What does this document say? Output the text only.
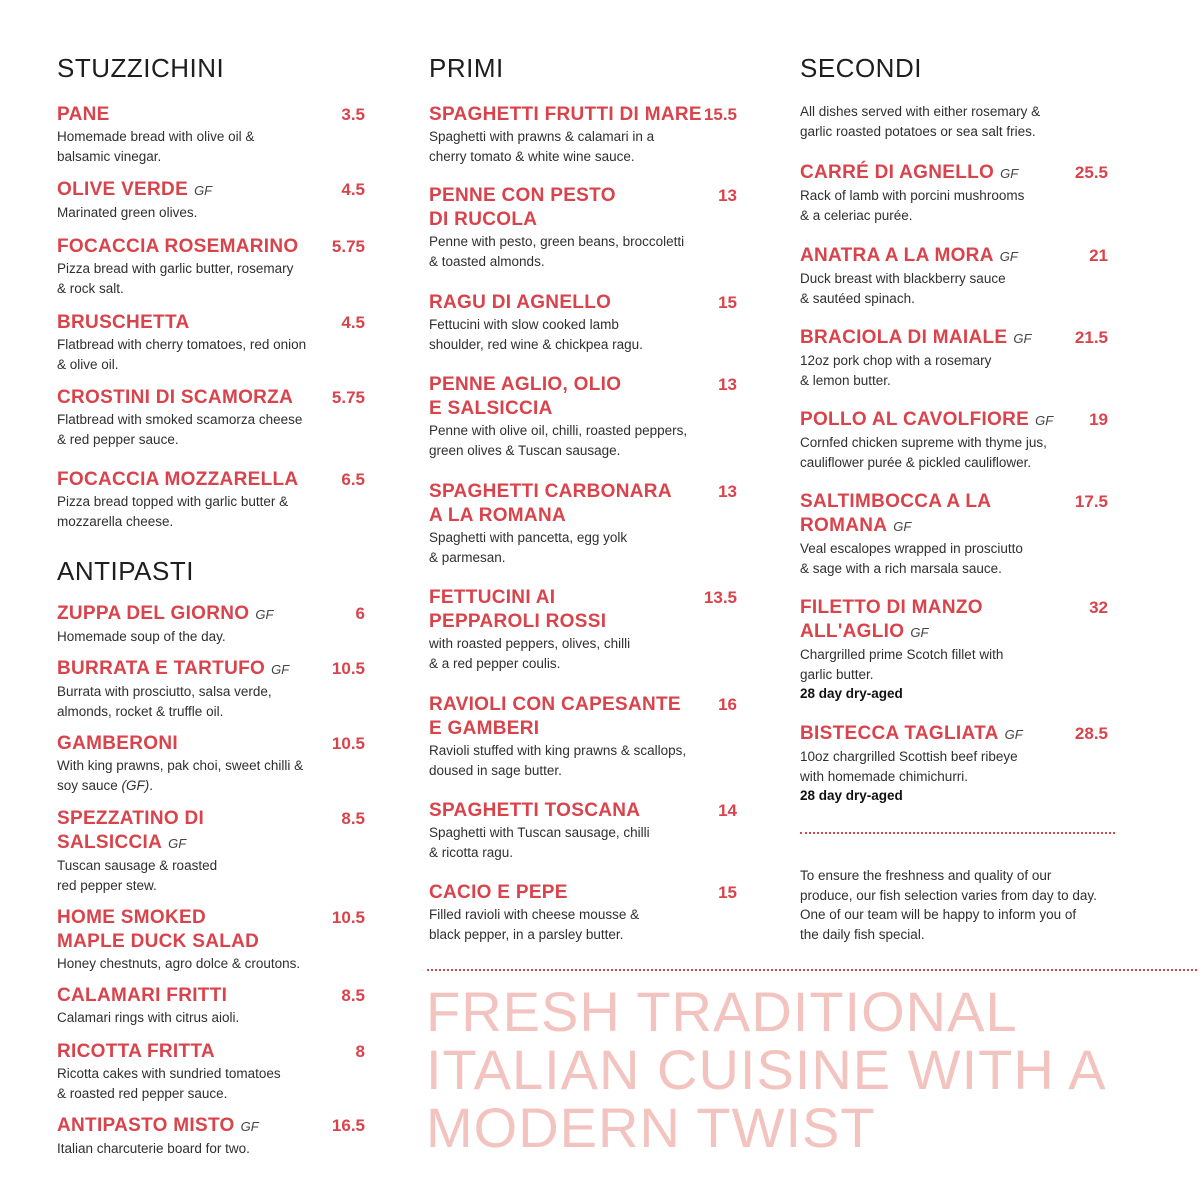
STUZZICHINI
PANE	3.5
Homemade bread with olive oil &
balsamic vinegar.
OLIVE VERDE GF	4.5
Marinated green olives.
FOCACCIA ROSEMARINO 5.75
Pizza bread with garlic butter, rosemary
& rock salt.
BRUSCHETTA	4.5
Flatbread with cherry tomatoes, red onion
& olive oil.
CROSTINI DI SCAMORZA 5.75
Flatbread with smoked scamorza cheese
& red pepper sauce.
FOCACCIA MOZZARELLA	6.5
Pizza bread topped with garlic butter &
mozzarella cheese.
ANTIPASTI
ZUPPA DEL GIORNO GF	6
Homemade soup of the day.
BURRATA E TARTUFO GF	10.5
Burrata with prosciutto, salsa verde,
almonds, rocket & truffle oil.
GAMBERONI	10.5
With king prawns, pak choi, sweet chilli &
soy sauce (GF).
SPEZZATINO DI
SALSICCIA GF
8.5
Tuscan sausage & roasted
red pepper stew.
HOME SMOKED
MAPLE DUCK SALAD
10.5
Honey chestnuts, agro dolce & croutons.
CALAMARI FRITTI	8.5
Calamari rings with citrus aioli.
RICOTTA FRITTA	8
Ricotta cakes with sundried tomatoes
& roasted red pepper sauce.
ANTIPASTO MISTO GF	16.5
Italian charcuterie board for two.
PRIMI
SPAGHETTI FRUTTI DI MARE 15.5
Spaghetti with prawns & calamari in a
cherry tomato & white wine sauce.
PENNE CON PESTO
DI RUCOLA
13
Penne with pesto, green beans, broccoletti
& toasted almonds.
RAGU DI AGNELLO	15
Fettucini with slow cooked lamb
shoulder, red wine & chickpea ragu.
PENNE AGLIO, OLIO
E SALSICCIA
13
Penne with olive oil, chilli, roasted peppers,
green olives & Tuscan sausage.
SPAGHETTI CARBONARA
A LA ROMANA
13
Spaghetti with pancetta, egg yolk
& parmesan.
FETTUCINI AI
PEPPAROLI ROSSI
13.5
with roasted peppers, olives, chilli
& a red pepper coulis.
RAVIOLI CON CAPESANTE
E GAMBERI
16
Ravioli stuffed with king prawns & scallops,
doused in sage butter.
SPAGHETTI TOSCANA	14
Spaghetti with Tuscan sausage, chilli
& ricotta ragu.
CACIO E PEPE	15
Filled ravioli with cheese mousse &
black pepper, in a parsley butter.
SECONDI
All dishes served with either rosemary &
garlic roasted potatoes or sea salt fries.
CARRÉ DI AGNELLO GF	25.5
Rack of lamb with porcini mushrooms
& a celeriac purée.
ANATRA A LA MORA GF	21
Duck breast with blackberry sauce
& sautéed spinach.
BRACIOLA DI MAIALE GF	21.5
12oz pork chop with a rosemary
& lemon butter.
POLLO AL CAVOLFIORE GF 19
Cornfed chicken supreme with thyme jus,
cauliflower purée & pickled cauliflower.
SALTIMBOCCA A LA
ROMANA GF
17.5
Veal escalopes wrapped in prosciutto
& sage with a rich marsala sauce.
FILETTO DI MANZO
ALL'AGLIO GF
32
Chargrilled prime Scotch fillet with
garlic butter.
28 day dry-aged
BISTECCA TAGLIATA GF	28.5
10oz chargrilled Scottish beef ribeye
with homemade chimichurri.
28 day dry-aged
To ensure the freshness and quality of our
produce, our fish selection varies from day to day.
One of our team will be happy to inform you of
the daily fish special.
FRESH TRADITIONAL
ITALIAN CUISINE WITH A
MODERN TWIST
